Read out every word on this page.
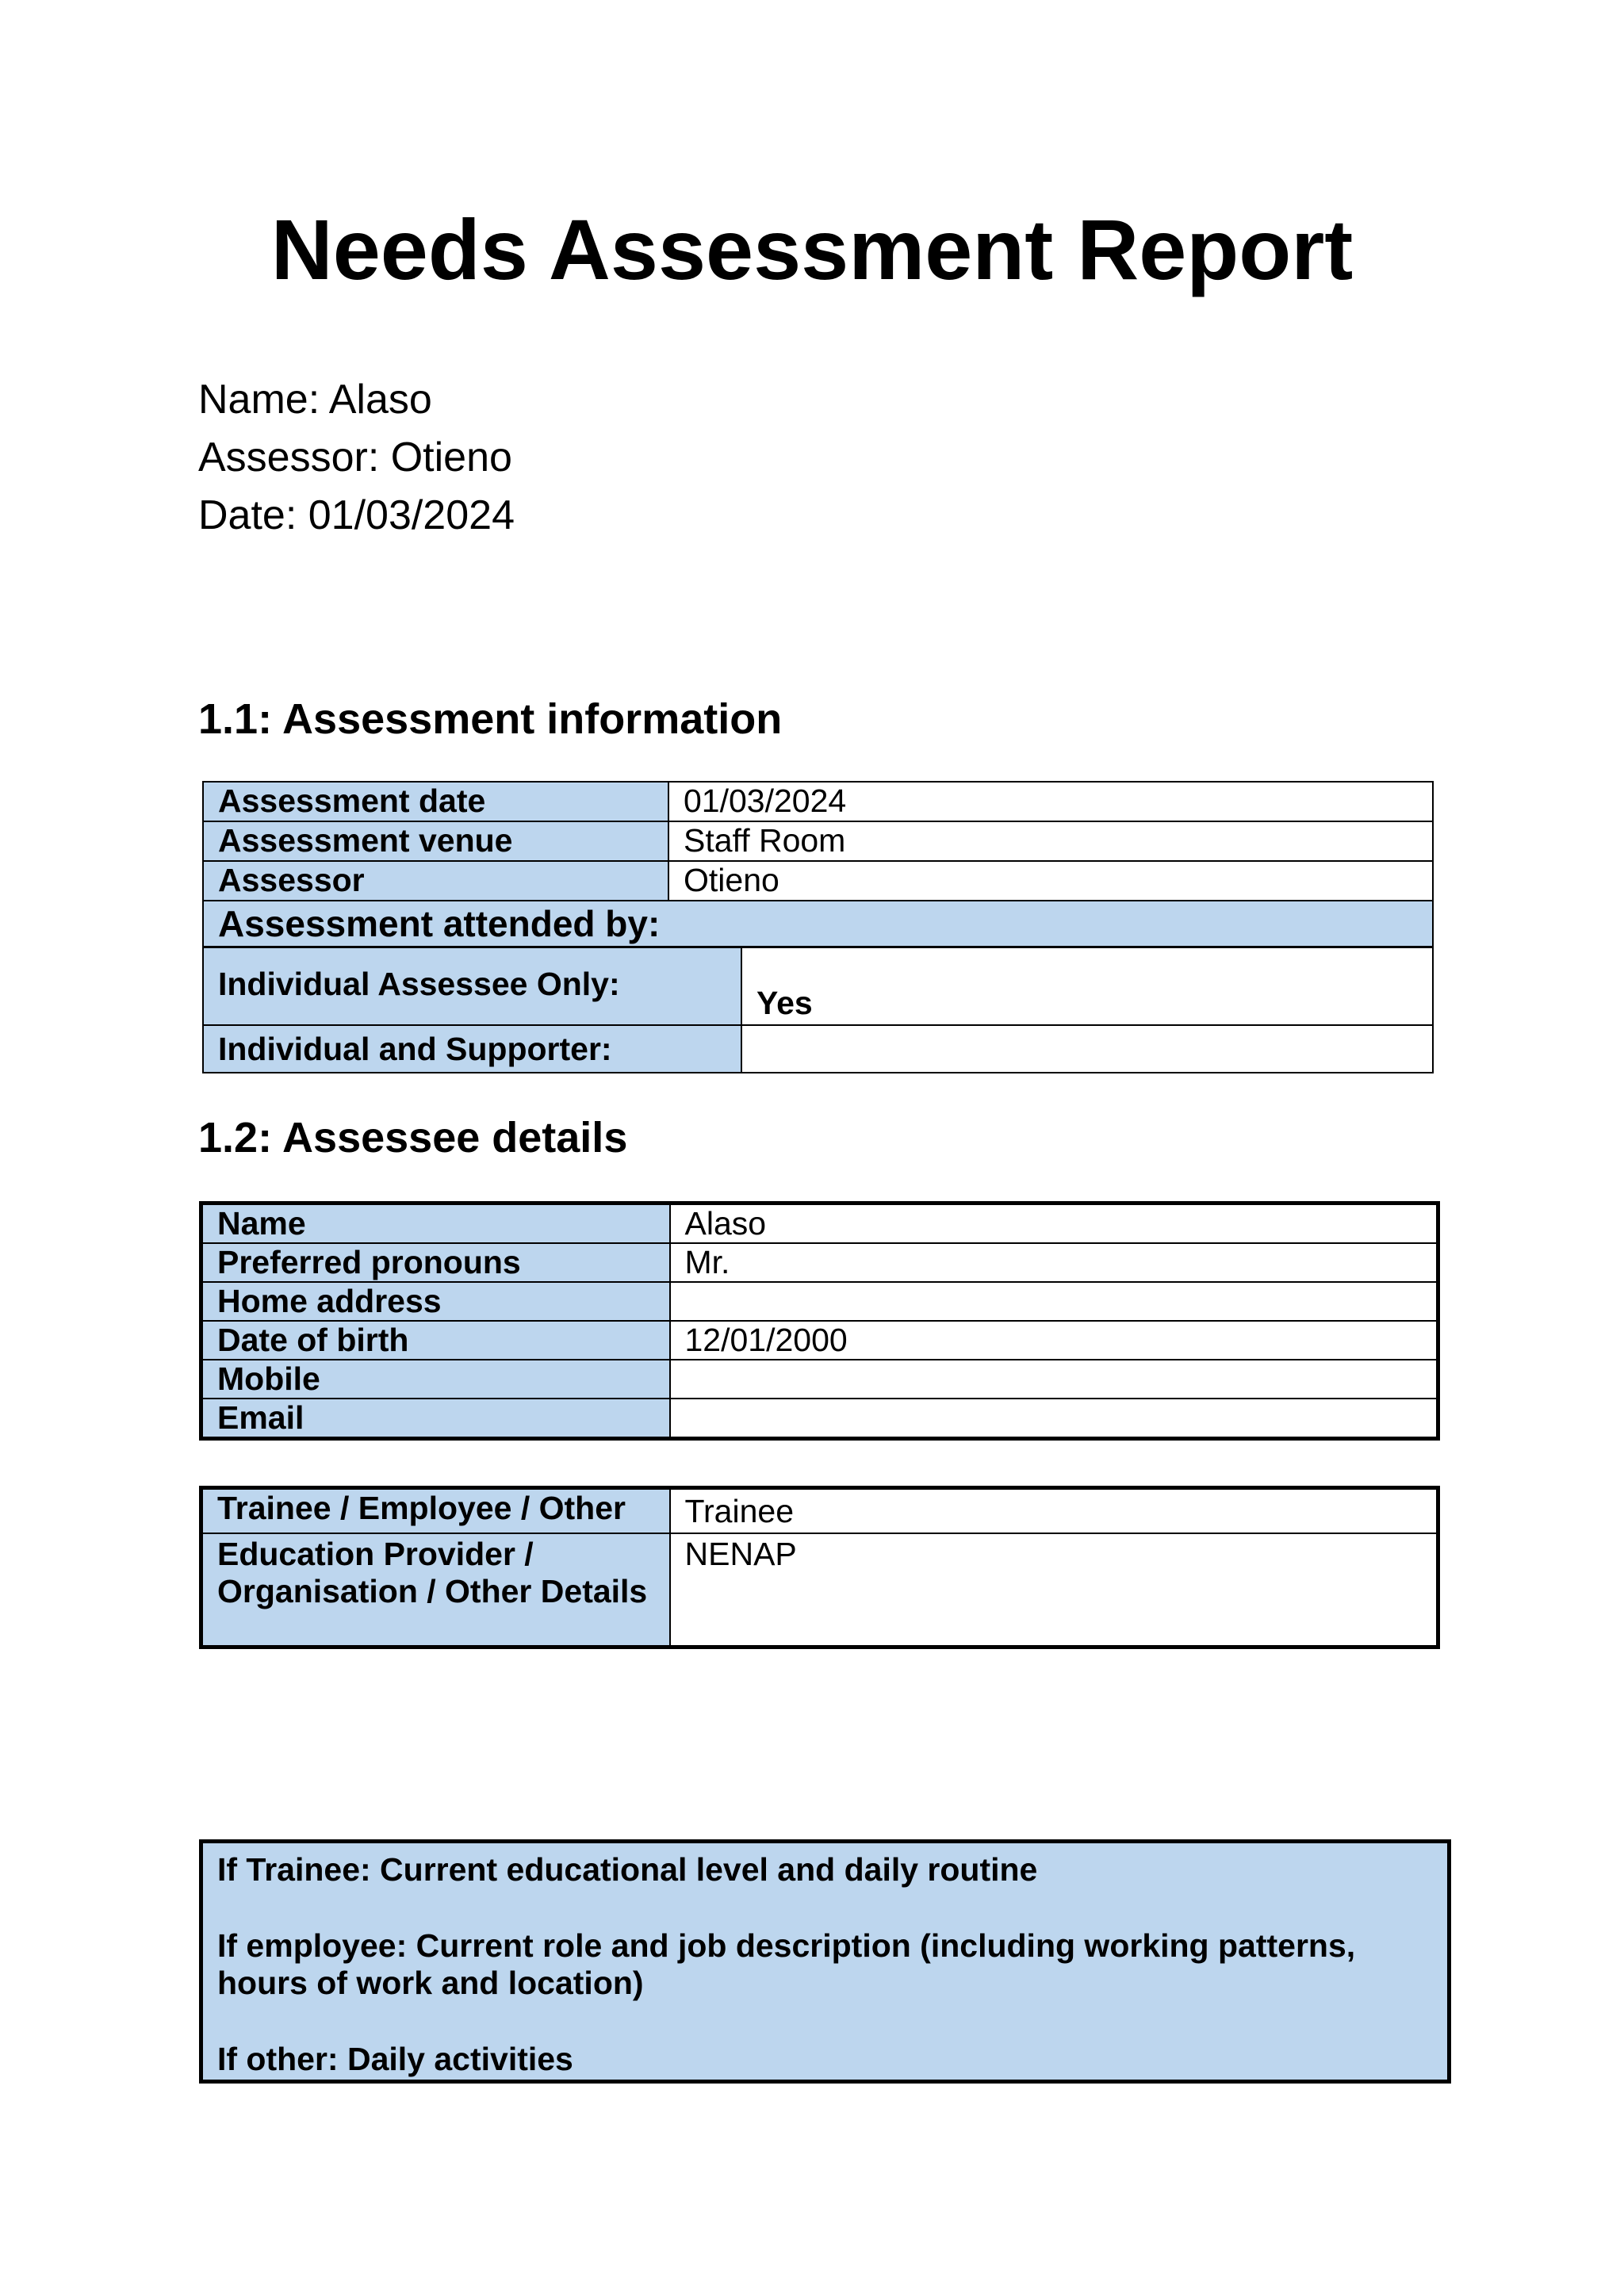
Needs Assessment Report
Name: Alaso
Assessor: Otieno
Date: 01/03/2024
1.1: Assessment information
Assessment date	01/03/2024
Assessment venue	Staff Room
Assessor	Otieno
Assessment attended by:	
Individual Assessee Only:	Yes
Individual and Supporter:	
1.2: Assessee details
Name	Alaso
Preferred pronouns	Mr.
Home address	
Date of birth	12/01/2000
Mobile	
Email	
Trainee / Employee / Other	Trainee

Education Provider /
Organisation / Other Details	NENAP

If Trainee: Current educational level and daily routine

If employee: Current role and job description (including working patterns,

hours of work and location)

If other: Daily activities
